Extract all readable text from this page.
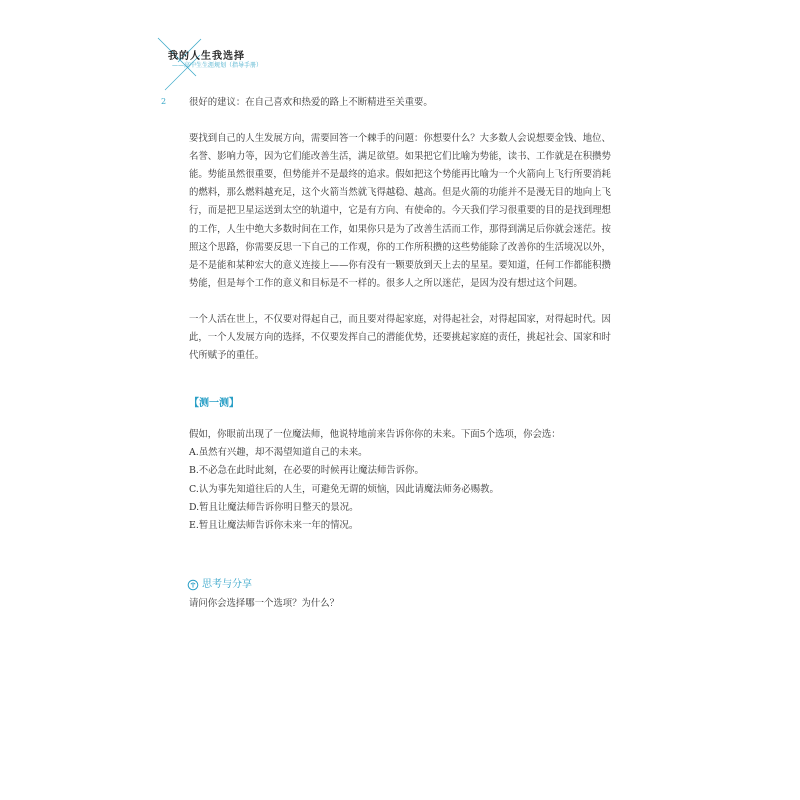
我的人生我选择
——高中生生涯规划（指导手册）
2 很好的建议：在自己喜欢和热爱的路上不断精进至关重要。

要找到自己的人生发展方向，需要回答一个棘手的问题：你想要什么？大多数人会说想要金钱、地位、名誉、影响力等，因为它们能改善生活，满足欲望。如果把它们比喻为势能，读书、工作就是在积攒势能。势能虽然很重要，但势能并不是最终的追求。假如把这个势能再比喻为一个火箭向上飞行所要消耗的燃料，那么燃料越充足，这个火箭当然就飞得越稳、越高。但是火箭的功能并不是漫无目的地向上飞行，而是把卫星运送到太空的轨道中，它是有方向、有使命的。今天我们学习很重要的目的是找到理想的工作，人生中绝大多数时间在工作，如果你只是为了改善生活而工作，那得到满足后你就会迷茫。按照这个思路，你需要反思一下自己的工作观，你的工作所积攒的这些势能除了改善你的生活境况以外，是不是能和某种宏大的意义连接上——你有没有一颗要放到天上去的星星。要知道，任何工作都能积攒势能，但是每个工作的意义和目标是不一样的。很多人之所以迷茫，是因为没有想过这个问题。

一个人活在世上，不仅要对得起自己，而且要对得起家庭，对得起社会，对得起国家，对得起时代。因此，一个人发展方向的选择，不仅要发挥自己的潜能优势，还要挑起家庭的责任，挑起社会、国家和时代所赋予的重任。

【测一测】

假如，你眼前出现了一位魔法师，他说特地前来告诉你你的未来。下面5个选项，你会选：

A.虽然有兴趣，却不渴望知道自己的未来。

B.不必急在此时此刻，在必要的时候再让魔法师告诉你。

C.认为事先知道往后的人生，可避免无谓的烦恼，因此请魔法师务必赐教。

D.暂且让魔法师告诉你明日整天的景况。

E.暂且让魔法师告诉你未来一年的情况。

思考与分享

请问你会选择哪一个选项？为什么？
